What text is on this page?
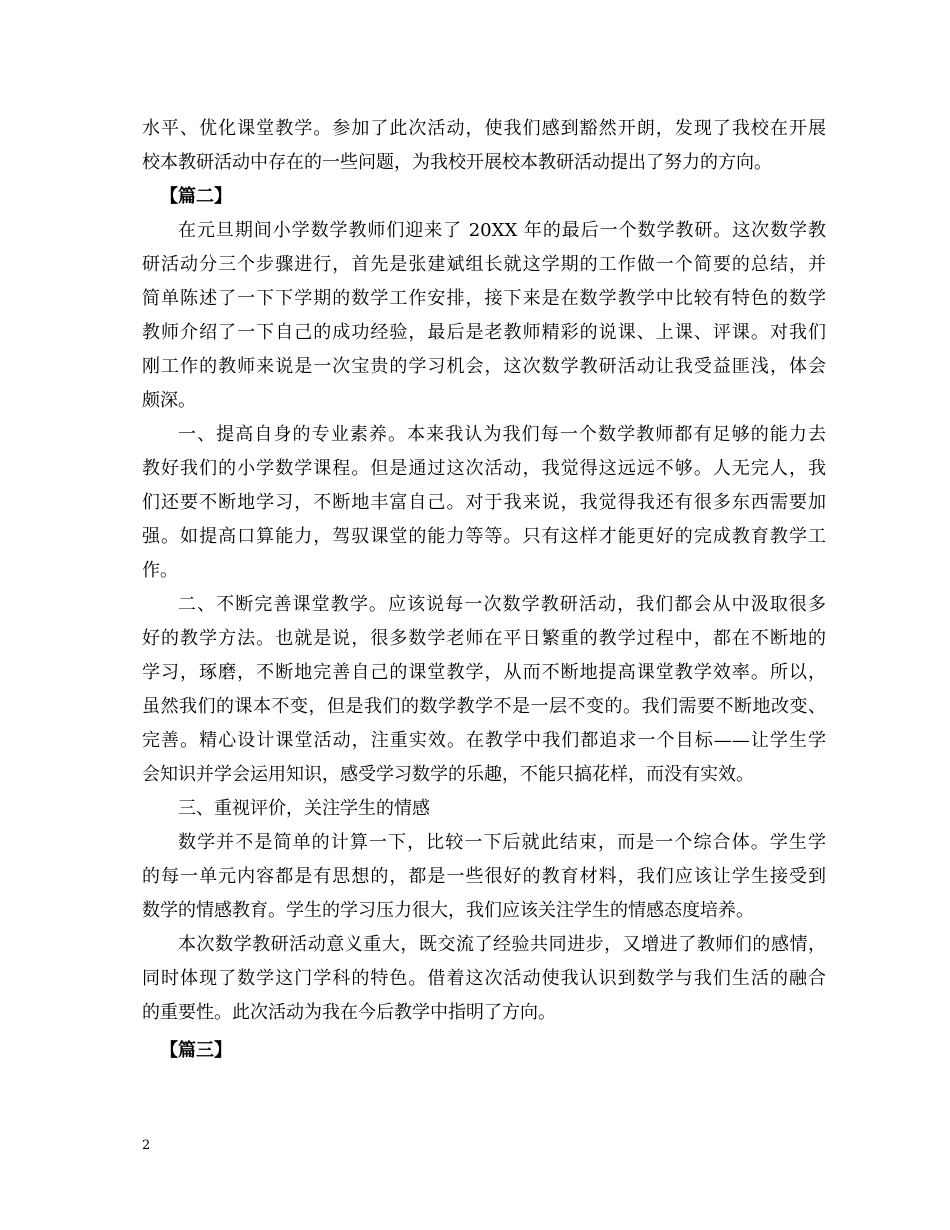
水平、优化课堂教学。参加了此次活动，使我们感到豁然开朗，发现了我校在开展
校本教研活动中存在的一些问题，为我校开展校本教研活动提出了努力的方向。
【篇二】
在元旦期间小学数学教师们迎来了 20XX 年的最后一个数学教研。这次数学教
研活动分三个步骤进行，首先是张建斌组长就这学期的工作做一个简要的总结，并
简单陈述了一下下学期的数学工作安排，接下来是在数学教学中比较有特色的数学
教师介绍了一下自己的成功经验，最后是老教师精彩的说课、上课、评课。对我们
刚工作的教师来说是一次宝贵的学习机会，这次数学教研活动让我受益匪浅，体会
颇深。
一、提高自身的专业素养。本来我认为我们每一个数学教师都有足够的能力去
教好我们的小学数学课程。但是通过这次活动，我觉得这远远不够。人无完人，我
们还要不断地学习，不断地丰富自己。对于我来说，我觉得我还有很多东西需要加
强。如提高口算能力，驾驭课堂的能力等等。只有这样才能更好的完成教育教学工
作。
二、不断完善课堂教学。应该说每一次数学教研活动，我们都会从中汲取很多
好的教学方法。也就是说，很多数学老师在平日繁重的教学过程中，都在不断地的
学习，琢磨，不断地完善自己的课堂教学，从而不断地提高课堂教学效率。所以，
虽然我们的课本不变，但是我们的数学教学不是一层不变的。我们需要不断地改变、
完善。精心设计课堂活动，注重实效。在教学中我们都追求一个目标——让学生学
会知识并学会运用知识，感受学习数学的乐趣，不能只搞花样，而没有实效。
三、重视评价，关注学生的情感
数学并不是简单的计算一下，比较一下后就此结束，而是一个综合体。学生学
的每一单元内容都是有思想的，都是一些很好的教育材料，我们应该让学生接受到
数学的情感教育。学生的学习压力很大，我们应该关注学生的情感态度培养。
本次数学教研活动意义重大，既交流了经验共同进步，又增进了教师们的感情，
同时体现了数学这门学科的特色。借着这次活动使我认识到数学与我们生活的融合
的重要性。此次活动为我在今后教学中指明了方向。
【篇三】
2
